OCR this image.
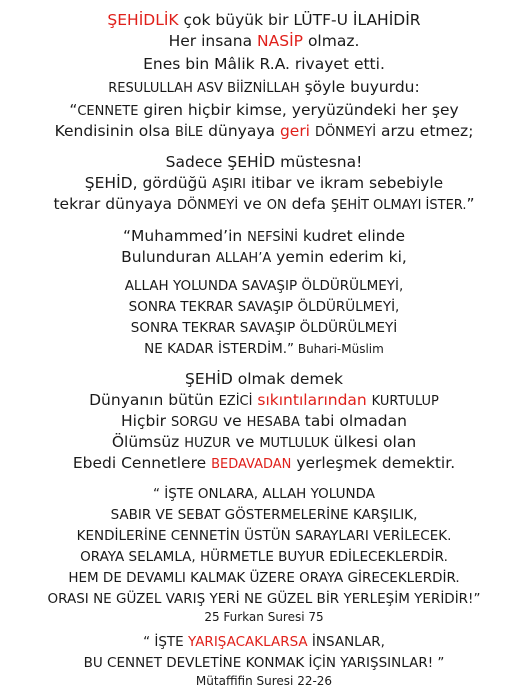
ŞEHİDLİK çok büyük bir LÜTF-U İLAHİDİR
Her insana NASİP olmaz.
Enes bin Mâlik R.A. rivayet etti.
RESULULLAH ASV BİİZNİLLAH şöyle buyurdu:
“CENNETE giren hiçbir kimse, yeryüzündeki her şey
Kendisinin olsa BİLE dünyaya geri DÖNMEYİ arzu etmez;
Sadece ŞEHİD müstesna!
ŞEHİD, gördüğü AŞIRI itibar ve ikram sebebiyle
tekrar dünyaya DÖNMEYİ ve ON defa ŞEHİT OLMAYI İSTER.”
“Muhammed’in NEFSİNİ kudret elinde
Bulunduran ALLAH’A yemin ederim ki,
ALLAH YOLUNDA SAVAŞIP ÖLDÜRÜLMEYİ,
SONRA TEKRAR SAVAŞIP ÖLDÜRÜLMEYİ,
SONRA TEKRAR SAVAŞIP ÖLDÜRÜLMEYİ
NE KADAR İSTERDİM.” Buhari-Müslim
ŞEHİD olmak demek
Dünyanın bütün EZİCİ sıkıntılarından KURTULUP
Hiçbir SORGU ve HESABA tabi olmadan
Ölümsüz HUZUR ve MUTLULUK ülkesi olan
Ebedi Cennetlere BEDAVADAN yerleşmek demektir.
“ İŞTE ONLARA, ALLAH YOLUNDA
SABIR VE SEBAT GÖSTERMELERİNE KARŞILIK,
KENDİLERİNE CENNETİN ÜSTÜN SARAYLARI VERİLECEK.
ORAYA SELAMLA, HÜRMETLE BUYUR EDİLECEKLERDİR.
HEM DE DEVAMLI KALMAK ÜZERE ORAYA GİRECEKLERDİR.
ORASI NE GÜZEL VARIŞ YERİ NE GÜZEL BİR YERLEŞİM YERİDİR!”
25 Furkan Suresi 75
“ İŞTE YARIŞACAKLARSA İNSANLAR,
BU CENNET DEVLETİNE KONMAK İÇİN YARIŞSINLAR! ”
Mütaffifin Suresi 22-26
